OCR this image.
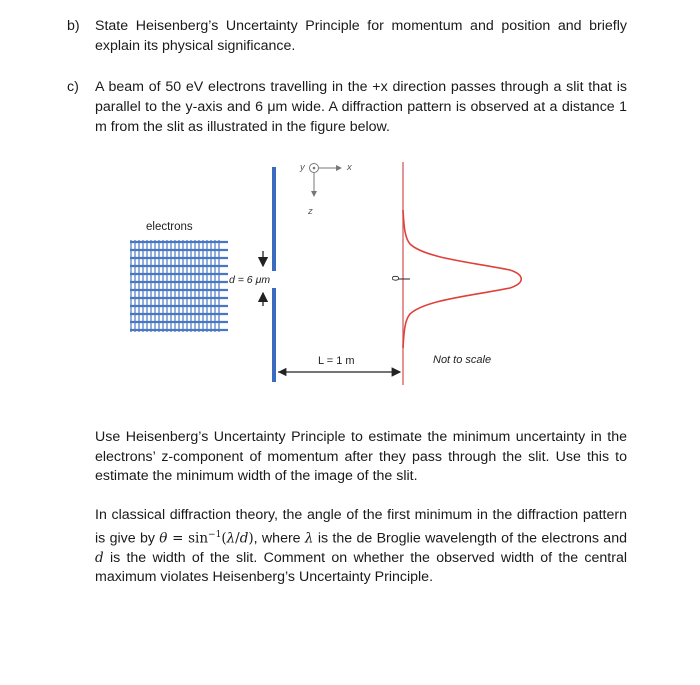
b) State Heisenberg’s Uncertainty Principle for momentum and position and briefly explain its physical significance.
c) A beam of 50 eV electrons travelling in the +x direction passes through a slit that is parallel to the y-axis and 6 μm wide. A diffraction pattern is observed at a distance 1 m from the slit as illustrated in the figure below.
electrons
d = 6 μm
y	x
z
0
L = 1 m	Not to scale
Use Heisenberg’s Uncertainty Principle to estimate the minimum uncertainty in the electrons’ z-component of momentum after they pass through the slit. Use this to estimate the minimum width of the image of the slit.
In classical diffraction theory, the angle of the first minimum in the diffraction pattern is give by $\theta = \sin^{-1}(\lambda/d)$, where λ is the de Broglie wavelength of the electrons and d is the width of the slit. Comment on whether the observed width of the central maximum violates Heisenberg’s Uncertainty Principle.
